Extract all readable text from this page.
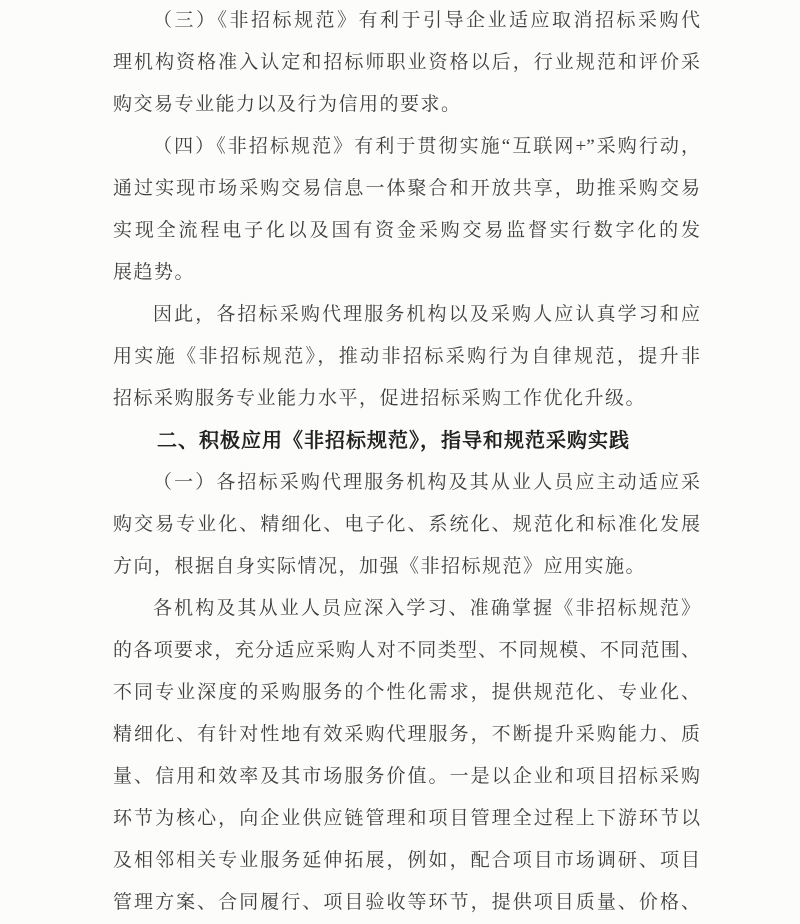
（三）《非招标规范》有利于引导企业适应取消招标采购代
理机构资格准入认定和招标师职业资格以后，行业规范和评价采
购交易专业能力以及行为信用的要求。
（四）《非招标规范》有利于贯彻实施“互联网+”采购行动，
通过实现市场采购交易信息一体聚合和开放共享，助推采购交易
实现全流程电子化以及国有资金采购交易监督实行数字化的发
展趋势。
因此，各招标采购代理服务机构以及采购人应认真学习和应
用实施《非招标规范》，推动非招标采购行为自律规范，提升非
招标采购服务专业能力水平，促进招标采购工作优化升级。
二、积极应用《非招标规范》，指导和规范采购实践
（一）各招标采购代理服务机构及其从业人员应主动适应采
购交易专业化、精细化、电子化、系统化、规范化和标准化发展
方向，根据自身实际情况，加强《非招标规范》应用实施。
各机构及其从业人员应深入学习、准确掌握《非招标规范》
的各项要求，充分适应采购人对不同类型、不同规模、不同范围、
不同专业深度的采购服务的个性化需求，提供规范化、专业化、
精细化、有针对性地有效采购代理服务，不断提升采购能力、质
量、信用和效率及其市场服务价值。一是以企业和项目招标采购
环节为核心，向企业供应链管理和项目管理全过程上下游环节以
及相邻相关专业服务延伸拓展，例如，配合项目市场调研、项目
管理方案、合同履行、项目验收等环节，提供项目质量、价格、
